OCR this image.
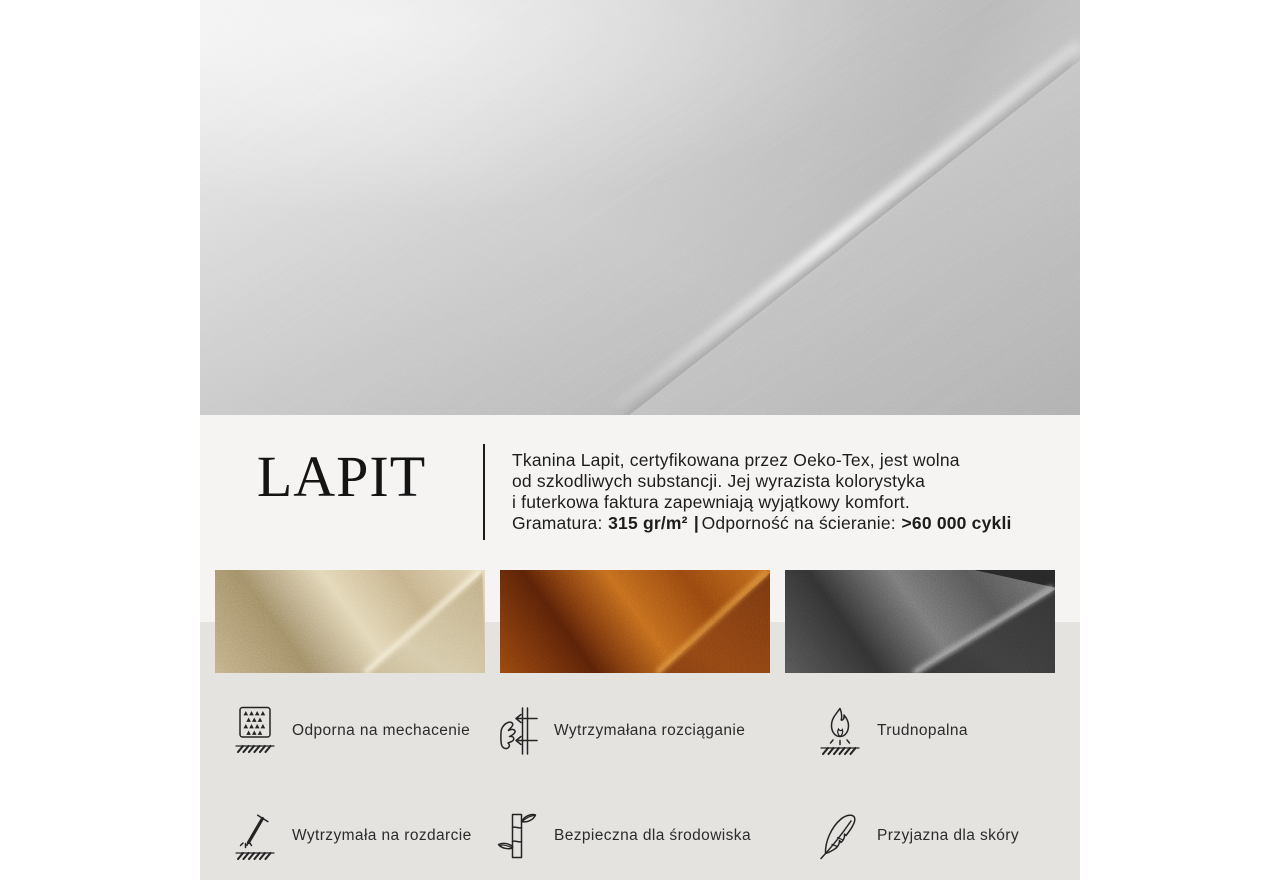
LAPIT	Tkanina Lapit, certyfikowana przez Oeko-Tex, jest wolna
od szkodliwych substancji. Jej wyrazista kolorystyka
i futerkowa faktura zapewniają wyjątkowy komfort.
Gramatura: 315 gr/m² | Odporność na ścieranie: >60 000 cykli
Odporna na mechacenie	Wytrzymałana rozciąganie	Trudnopalna
Wytrzymała na rozdarcie	Bezpieczna dla środowiska	Przyjazna dla skóry
